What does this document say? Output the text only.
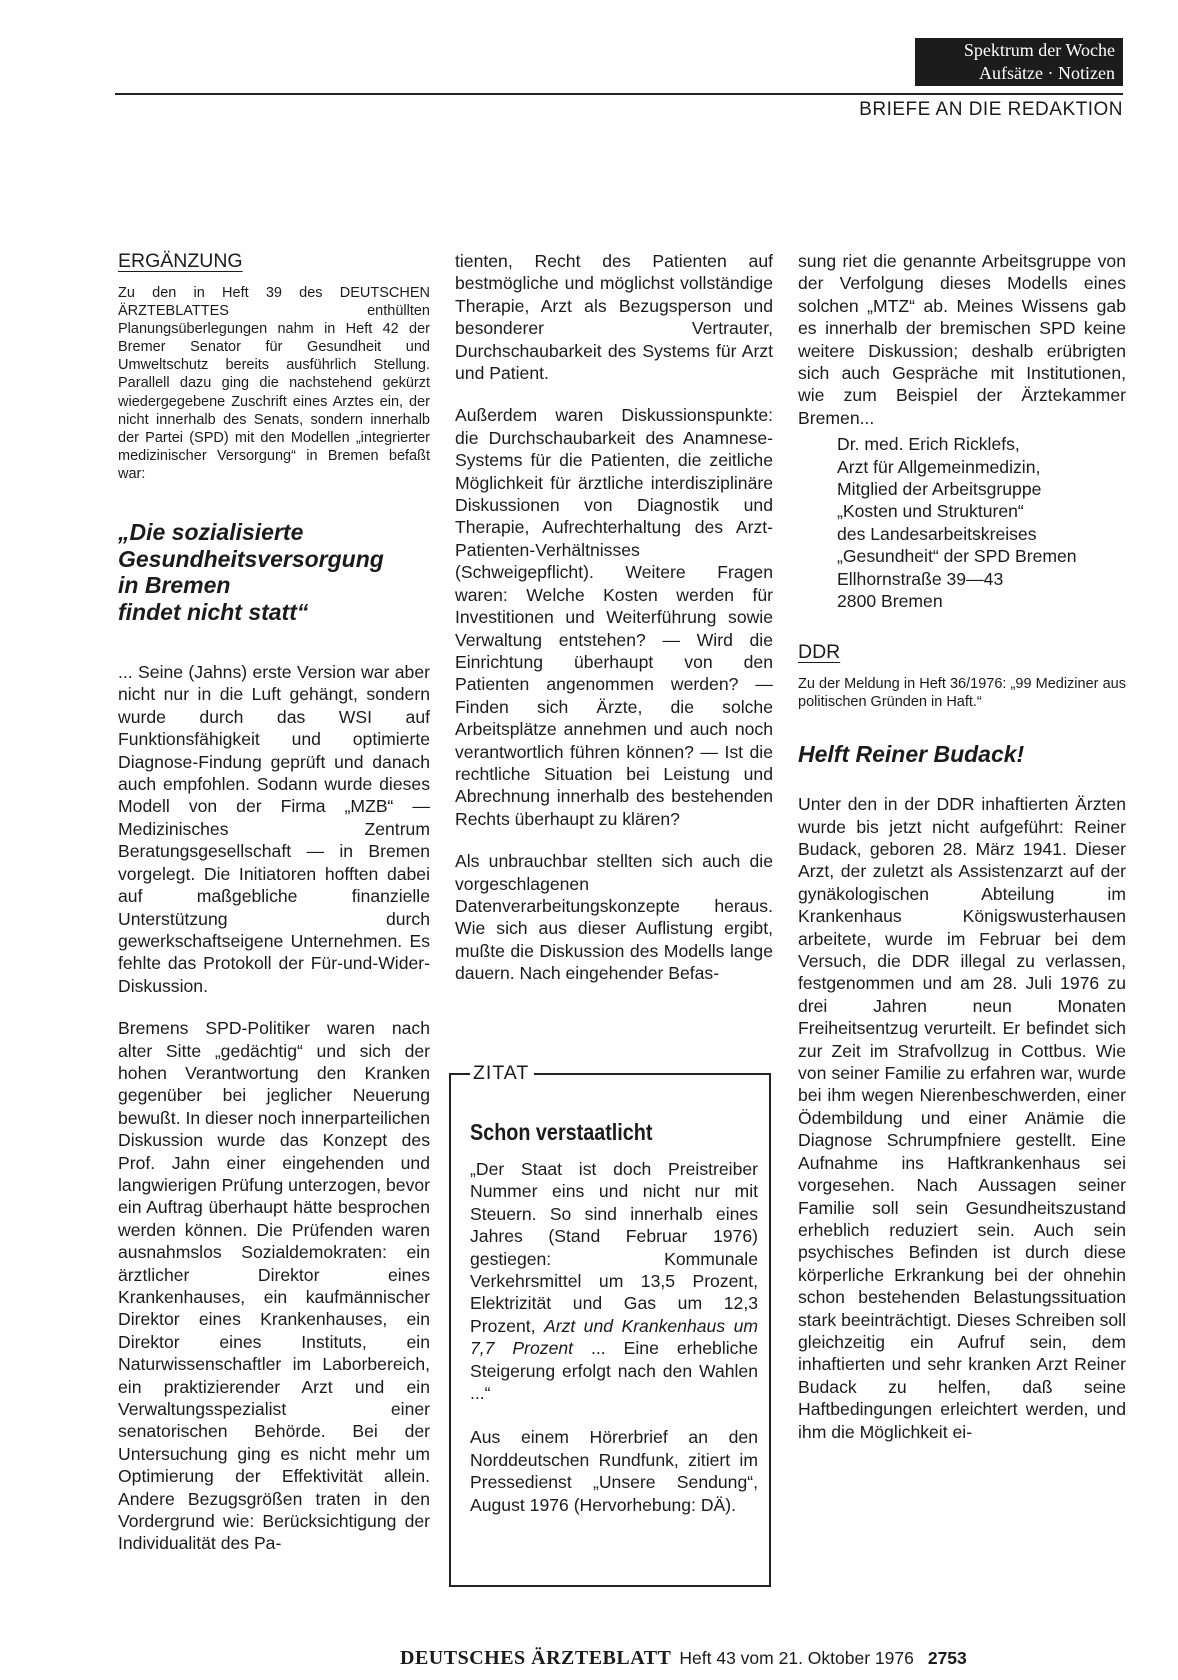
Spektrum der Woche
Aufsätze · Notizen
BRIEFE AN DIE REDAKTION
ERGÄNZUNG

Zu den in Heft 39 des DEUTSCHEN ÄRZTEBLATTES enthüllten Planungsüberlegungen nahm in Heft 42 der Bremer Senator für Gesundheit und Umweltschutz bereits ausführlich Stellung. Parallell dazu ging die nachstehend gekürzt wiedergegebene Zuschrift eines Arztes ein, der nicht innerhalb des Senats, sondern innerhalb der Partei (SPD) mit den Modellen „integrierter medizinischer Versorgung“ in Bremen befaßt war:

„Die sozialisierte
Gesundheitsversorgung
in Bremen
findet nicht statt“

... Seine (Jahns) erste Version war aber nicht nur in die Luft gehängt, sondern wurde durch das WSI auf Funktionsfähigkeit und optimierte Diagnose-Findung geprüft und danach auch empfohlen. Sodann wurde dieses Modell von der Firma „MZB“ — Medizinisches Zentrum Beratungsgesellschaft — in Bremen vorgelegt. Die Initiatoren hofften dabei auf maßgebliche finanzielle Unterstützung durch gewerkschaftseigene Unternehmen. Es fehlte das Protokoll der Für-und-Wider-Diskussion.

Bremens SPD-Politiker waren nach alter Sitte „gedächtig“ und sich der hohen Verantwortung den Kranken gegenüber bei jeglicher Neuerung bewußt. In dieser noch innerparteilichen Diskussion wurde das Konzept des Prof. Jahn einer eingehenden und langwierigen Prüfung unterzogen, bevor ein Auftrag überhaupt hätte besprochen werden können. Die Prüfenden waren ausnahmslos Sozialdemokraten: ein ärztlicher Direktor eines Krankenhauses, ein kaufmännischer Direktor eines Krankenhauses, ein Direktor eines Instituts, ein Naturwissenschaftler im Laborbereich, ein praktizierender Arzt und ein Verwaltungsspezialist einer senatorischen Behörde. Bei der Untersuchung ging es nicht mehr um Optimierung der Effektivität allein. Andere Bezugsgrößen traten in den Vordergrund wie: Berücksichtigung der Individualität des Pa-

tienten, Recht des Patienten auf bestmögliche und möglichst vollständige Therapie, Arzt als Bezugsperson und besonderer Vertrauter, Durchschaubarkeit des Systems für Arzt und Patient.

Außerdem waren Diskussionspunkte: die Durchschaubarkeit des Anamnese-Systems für die Patienten, die zeitliche Möglichkeit für ärztliche interdisziplinäre Diskussionen von Diagnostik und Therapie, Aufrechterhaltung des Arzt-Patienten-Verhältnisses (Schweigepflicht). Weitere Fragen waren: Welche Kosten werden für Investitionen und Weiterführung sowie Verwaltung entstehen? — Wird die Einrichtung überhaupt von den Patienten angenommen werden? — Finden sich Ärzte, die solche Arbeitsplätze annehmen und auch noch verantwortlich führen können? — Ist die rechtliche Situation bei Leistung und Abrechnung innerhalb des bestehenden Rechts überhaupt zu klären?

Als unbrauchbar stellten sich auch die vorgeschlagenen Datenverarbeitungskonzepte heraus. Wie sich aus dieser Auflistung ergibt, mußte die Diskussion des Modells lange dauern. Nach eingehender Befas-

ZITAT
Schon verstaatlicht

„Der Staat ist doch Preistreiber Nummer eins und nicht nur mit Steuern. So sind innerhalb eines Jahres (Stand Februar 1976) gestiegen: Kommunale Verkehrsmittel um 13,5 Prozent, Elektrizität und Gas um 12,3 Prozent, Arzt und Krankenhaus um 7,7 Prozent ... Eine erhebliche Steigerung erfolgt nach den Wahlen ...“

Aus einem Hörerbrief an den Norddeutschen Rundfunk, zitiert im Pressedienst „Unsere Sendung“, August 1976 (Hervorhebung: DÄ).

sung riet die genannte Arbeitsgruppe von der Verfolgung dieses Modells eines solchen „MTZ“ ab. Meines Wissens gab es innerhalb der bremischen SPD keine weitere Diskussion; deshalb erübrigten sich auch Gespräche mit Institutionen, wie zum Beispiel der Ärztekammer Bremen...

Dr. med. Erich Ricklefs,
Arzt für Allgemeinmedizin,
Mitglied der Arbeitsgruppe
„Kosten und Strukturen“
des Landesarbeitskreises
„Gesundheit“ der SPD Bremen
Ellhornstraße 39—43
2800 Bremen
DDR

Zu der Meldung in Heft 36/1976: „99 Mediziner aus politischen Gründen in Haft.“

Helft Reiner Budack!

Unter den in der DDR inhaftierten Ärzten wurde bis jetzt nicht aufgeführt: Reiner Budack, geboren 28. März 1941. Dieser Arzt, der zuletzt als Assistenzarzt auf der gynäkologischen Abteilung im Krankenhaus Königswusterhausen arbeitete, wurde im Februar bei dem Versuch, die DDR illegal zu verlassen, festgenommen und am 28. Juli 1976 zu drei Jahren neun Monaten Freiheitsentzug verurteilt. Er befindet sich zur Zeit im Strafvollzug in Cottbus. Wie von seiner Familie zu erfahren war, wurde bei ihm wegen Nierenbeschwerden, einer Ödembildung und einer Anämie die Diagnose Schrumpfniere gestellt. Eine Aufnahme ins Haftkrankenhaus sei vorgesehen. Nach Aussagen seiner Familie soll sein Gesundheitszustand erheblich reduziert sein. Auch sein psychisches Befinden ist durch diese körperliche Erkrankung bei der ohnehin schon bestehenden Belastungssituation stark beeinträchtigt. Dieses Schreiben soll gleichzeitig ein Aufruf sein, dem inhaftierten und sehr kranken Arzt Reiner Budack zu helfen, daß seine Haftbedingungen erleichtert werden, und ihm die Möglichkeit ei-

DEUTSCHES ÄRZTEBLATT Heft 43 vom 21. Oktober 1976 2753
